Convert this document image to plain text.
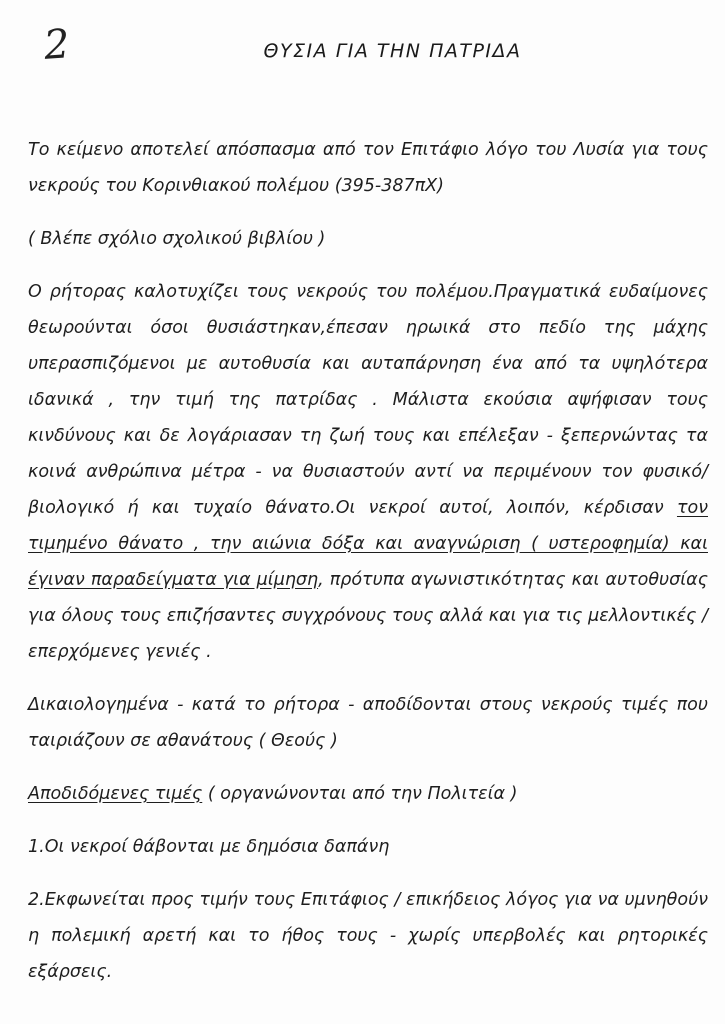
2	ΘΥΣΙΑ ΓΙΑ ΤΗΝ ΠΑΤΡΙΔΑ

Το κείμενο αποτελεί απόσπασμα από τον Επιτάφιο λόγο του Λυσία για τους νεκρούς του Κορινθιακού πολέμου (395-387πΧ)

( Βλέπε σχόλιο σχολικού βιβλίου )

Ο ρήτορας καλοτυχίζει τους νεκρούς του πολέμου.Πραγματικά ευδαίμονες θεωρούνται όσοι θυσιάστηκαν,έπεσαν ηρωικά στο πεδίο της μάχης υπερασπιζόμενοι με αυτοθυσία και αυταπάρνηση ένα από τα υψηλότερα ιδανικά , την τιμή της πατρίδας . Μάλιστα εκούσια αψήφισαν τους κινδύνους και δε λογάριασαν τη ζωή τους και επέλεξαν - ξεπερνώντας τα κοινά ανθρώπινα μέτρα - να θυσιαστούν αντί να περιμένουν τον φυσικό/βιολογικό ή και τυχαίο θάνατο.Οι νεκροί αυτοί, λοιπόν, κέρδισαν τον τιμημένο θάνατο , την αιώνια δόξα και αναγνώριση ( υστεροφημία) και έγιναν παραδείγματα για μίμηση, πρότυπα αγωνιστικότητας και αυτοθυσίας για όλους τους επιζήσαντες συγχρόνους τους αλλά και για τις μελλοντικές /επερχόμενες γενιές .

Δικαιολογημένα - κατά το ρήτορα - αποδίδονται στους νεκρούς τιμές που ταιριάζουν σε αθανάτους ( Θεούς )

Αποδιδόμενες τιμές ( οργανώνονται από την Πολιτεία )

1.Οι νεκροί θάβονται με δημόσια δαπάνη

2.Εκφωνείται προς τιμήν τους Επιτάφιος / επικήδειος λόγος για να υμνηθούν η πολεμική αρετή και το ήθος τους - χωρίς υπερβολές και ρητορικές εξάρσεις.
